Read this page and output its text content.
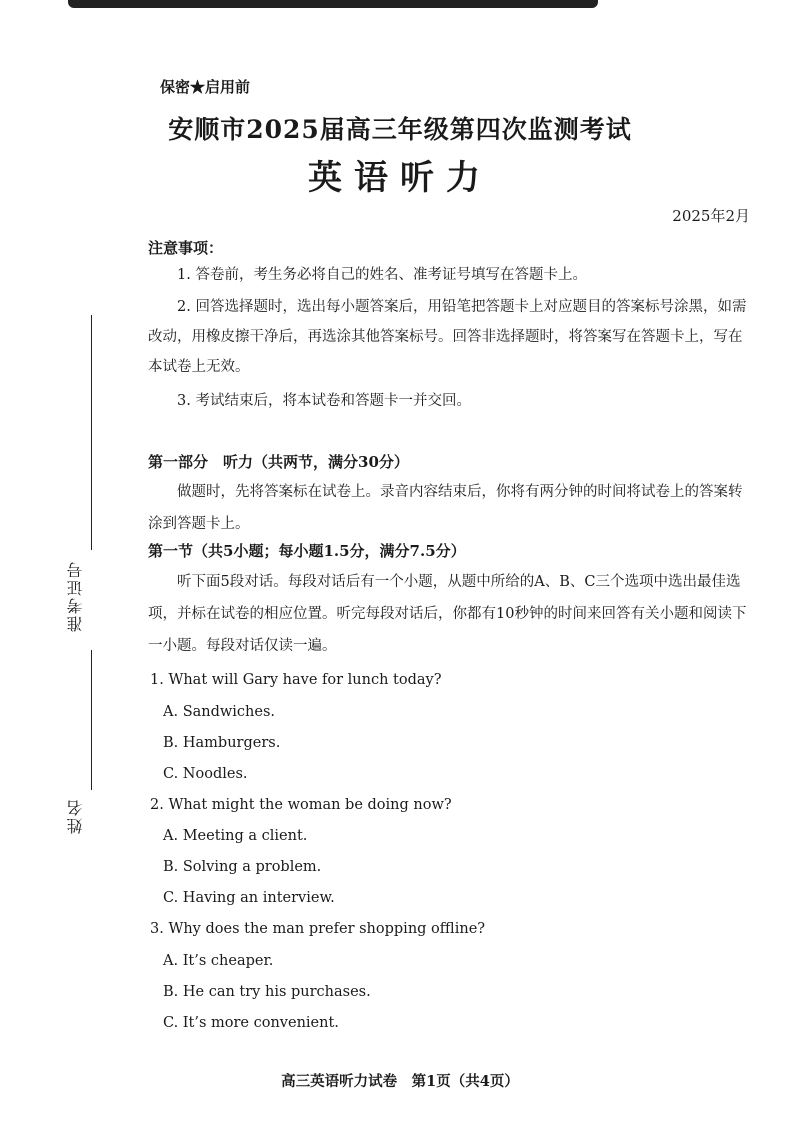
准考证号
姓名
保密★启用前
安顺市2025届高三年级第四次监测考试
英语听力
2025年2月
注意事项：
1. 答卷前，考生务必将自己的姓名、准考证号填写在答题卡上。
2. 回答选择题时，选出每小题答案后，用铅笔把答题卡上对应题目的答案标号涂黑，如需改动，用橡皮擦干净后，再选涂其他答案标号。回答非选择题时，将答案写在答题卡上，写在本试卷上无效。
3. 考试结束后，将本试卷和答题卡一并交回。
第一部分　听力（共两节，满分30分）
做题时，先将答案标在试卷上。录音内容结束后，你将有两分钟的时间将试卷上的答案转涂到答题卡上。
第一节（共5小题；每小题1.5分，满分7.5分）
听下面5段对话。每段对话后有一个小题，从题中所给的A、B、C三个选项中选出最佳选项，并标在试卷的相应位置。听完每段对话后，你都有10秒钟的时间来回答有关小题和阅读下一小题。每段对话仅读一遍。
1. What will Gary have for lunch today?
A. Sandwiches.
B. Hamburgers.
C. Noodles.
2. What might the woman be doing now?
A. Meeting a client.
B. Solving a problem.
C. Having an interview.
3. Why does the man prefer shopping offline?
A. It’s cheaper.
B. He can try his purchases.
C. It’s more convenient.
高三英语听力试卷　第1页（共4页）
